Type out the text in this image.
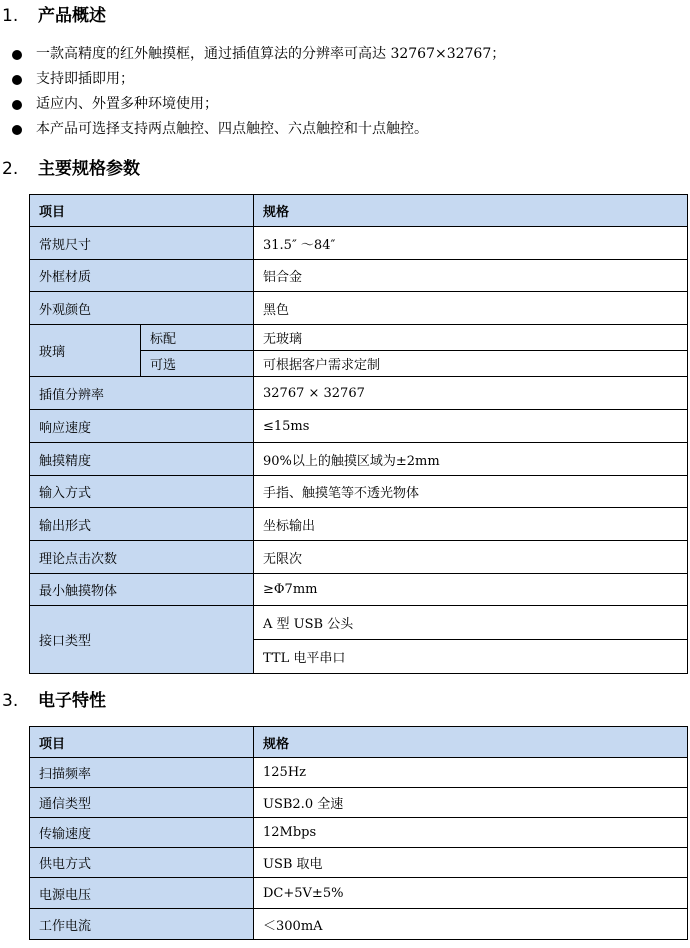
1. 产品概述
一款高精度的红外触摸框，通过插值算法的分辨率可高达 32767×32767；
支持即插即用；
适应内、外置多种环境使用；
本产品可选择支持两点触控、四点触控、六点触控和十点触控。
2. 主要规格参数
项目		规格
常规尺寸		31.5″ ～84″
外框材质		铝合金
外观颜色		黑色
玻璃	标配	无玻璃
	可选	可根据客户需求定制
插值分辨率		32767 × 32767
响应速度		≤15ms
触摸精度		90%以上的触摸区域为±2mm
输入方式		手指、触摸笔等不透光物体
输出形式		坐标输出
理论点击次数		无限次
最小触摸物体		≥Φ7mm
接口类型		A 型 USB 公头
		TTL 电平串口
3. 电子特性
项目	规格
扫描频率	125Hz
通信类型	USB2.0 全速
传输速度	12Mbps
供电方式	USB 取电
电源电压	DC+5V±5%
工作电流	＜300mA
